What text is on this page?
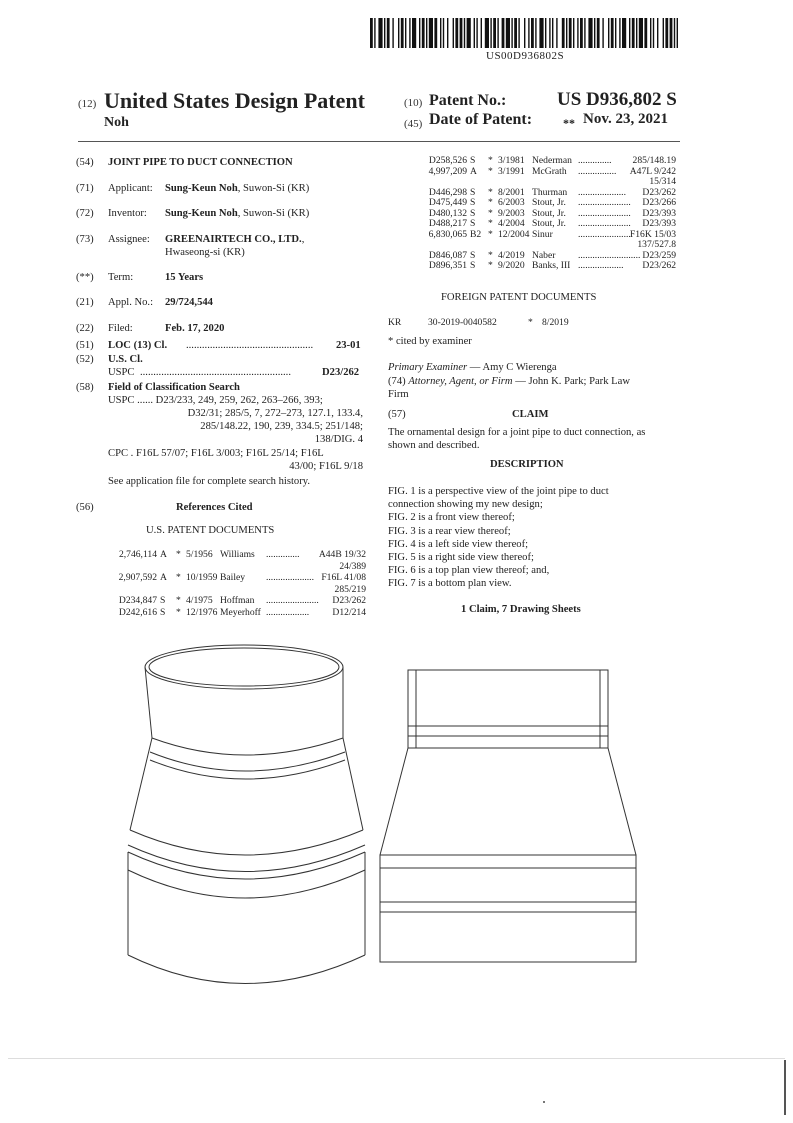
US00D936802S
(12) United States Design Patent
Noh
(10) Patent No.:	US D936,802 S
(45) Date of Patent:	** Nov. 23, 2021
(54) JOINT PIPE TO DUCT CONNECTION
(71) Applicant: Sung-Keun Noh, Suwon-Si (KR)
(72) Inventor: Sung-Keun Noh, Suwon-Si (KR)
(73) Assignee: GREENAIRTECH CO., LTD.,
Hwaseong-si (KR)
(**) Term:	15 Years
(21) Appl. No.: 29/724,544
(22) Filed:	Feb. 17, 2020
(51) LOC (13) Cl. ................................................	23-01
(52) U.S. Cl.
USPC .........................................................	D23/262
(58) Field of Classification Search
USPC ...... D23/233, 249, 259, 262, 263–266, 393;
D32/31; 285/5, 7, 272–273, 127.1, 133.4,
285/148.22, 190, 239, 334.5; 251/148;
138/DIG. 4
CPC . F16L 57/07; F16L 3/003; F16L 25/14; F16L
43/00; F16L 9/18
See application file for complete search history.
(56)	References Cited
U.S. PATENT DOCUMENTS
2,746,114 A * 5/1956 Williams ..............	A44B 19/32
24/389
2,907,592 A * 10/1959 Bailey .................... F16L 41/08
285/219
D234,847 S * 4/1975 Hoffman ...................... D23/262
D242,616 S * 12/1976 Meyerhoff .................. D12/214
D258,526 S * 3/1981 Nederman ..............	285/148.19
4,997,209 A * 3/1991 McGrath ................	A47L 9/242
15/314
D446,298 S * 8/2001 Thurman .................... D23/262
D475,449 S * 6/2003 Stout, Jr. ...................... D23/266
D480,132 S * 9/2003 Stout, Jr. ...................... D23/393
D488,217 S * 4/2004 Stout, Jr. ...................... D23/393
6,830,065 B2 * 12/2004 Sinur	...................... F16K 15/03
137/527.8
D846,087 S * 4/2019 Naber .......................... D23/259
D896,351 S * 9/2020 Banks, III ................... D23/262
FOREIGN PATENT DOCUMENTS
KR	30-2019-0040582	* 8/2019
* cited by examiner
Primary Examiner — Amy C Wierenga
(74) Attorney, Agent, or Firm — John K. Park; Park Law
Firm
(57)	CLAIM
The ornamental design for a joint pipe to duct connection, as
shown and described.
DESCRIPTION
FIG. 1 is a perspective view of the joint pipe to duct
connection showing my new design;
FIG. 2 is a front view thereof;
FIG. 3 is a rear view thereof;
FIG. 4 is a left side view thereof;
FIG. 5 is a right side view thereof;
FIG. 6 is a top plan view thereof; and,
FIG. 7 is a bottom plan view.
1 Claim, 7 Drawing Sheets
